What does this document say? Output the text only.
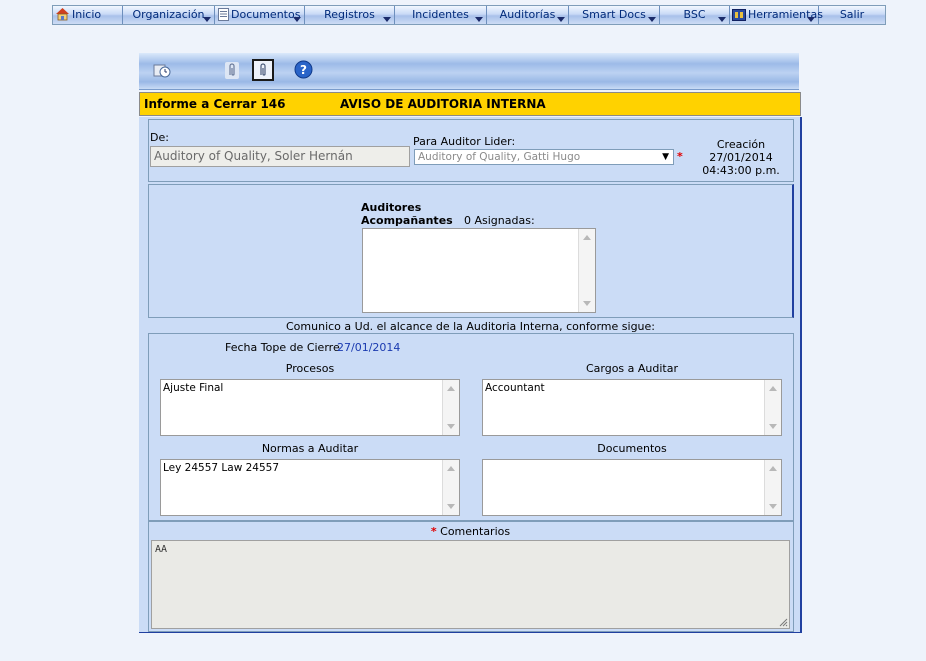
Inicio	Organización	Documentos	Registros	Incidentes	Auditorías	Smart Docs	BSC	Herramientas	Salir
?
Informe a Cerrar 146	AVISO DE AUDITORIA INTERNA
De:
Auditory of Quality, Soler Hernán
Para Auditor Lider:
Auditory of Quality, Gatti Hugo	▼ *
Creación
27/01/2014
04:43:00 p.m.
Auditores
Acompañantes 0 Asignadas:
Comunico a Ud. el alcance de la Auditoria Interna, conforme sigue:
Fecha Tope de Cierre
27/01/2014
Procesos
Ajuste Final
Cargos a Auditar
Accountant
Normas a Auditar
Ley 24557 Law 24557
Documentos
* Comentarios
AA
